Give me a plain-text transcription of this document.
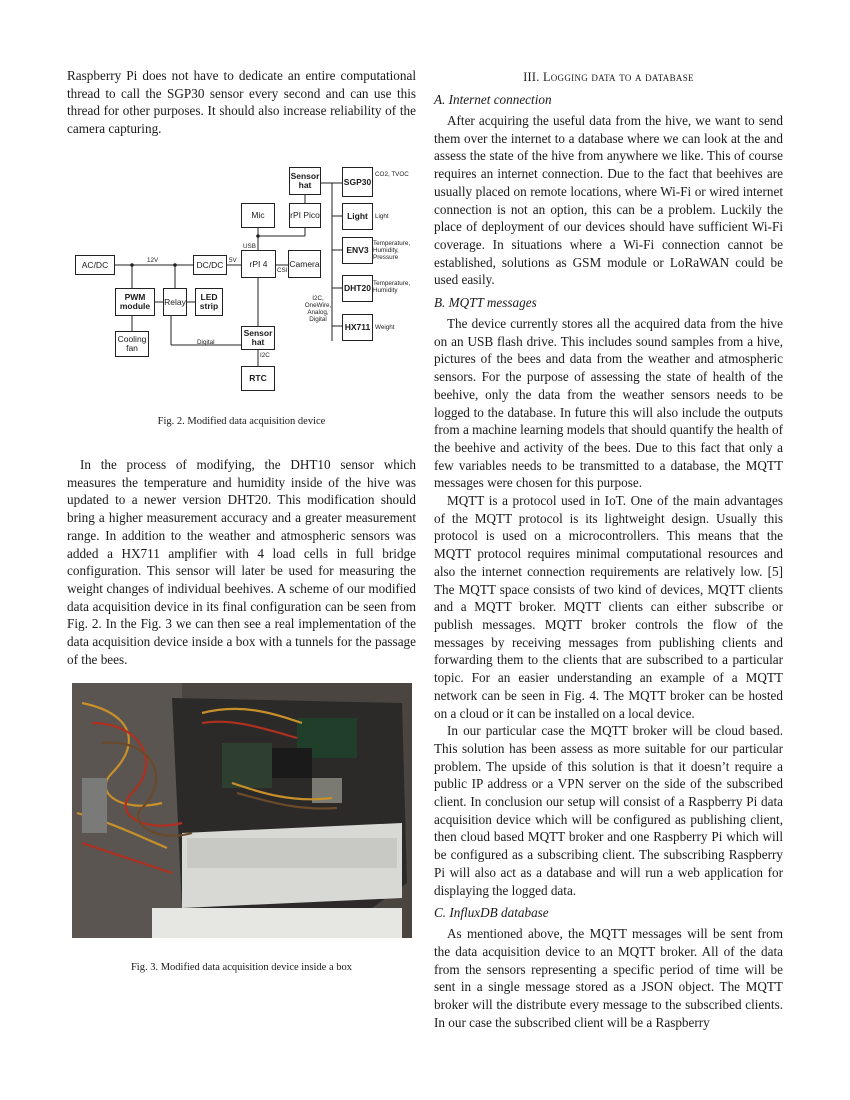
Raspberry Pi does not have to dedicate an entire computational thread to call the SGP30 sensor every second and can use this thread for other purposes. It should also increase reliability of the camera capturing.

AC/DC	DC/DC	rPI 4	Camera
Mic
Sensor hat
rPI Pico
PWM module	Relay	LED strip
Cooling fan
Sensor hat
RTC
SGP30
Light
ENV3
DHT20
HX711
12V	5V
USB
CSI
Digital
I2C
I2C, OneWire, Analog, Digital
CO2, TVOC
Light
Temperature, Humidity, Pressure
Temperature, Humidity
Weight

Fig. 2. Modified data acquisition device

In the process of modifying, the DHT10 sensor which measures the temperature and humidity inside of the hive was updated to a newer version DHT20. This modification should bring a higher measurement accuracy and a greater measurement range. In addition to the weather and atmospheric sensors was added a HX711 amplifier with 4 load cells in full bridge configuration. This sensor will later be used for measuring the weight changes of individual beehives. A scheme of our modified data acquisition device in its final configuration can be seen from Fig. 2. In the Fig. 3 we can then see a real implementation of the data acquisition device inside a box with a tunnels for the passage of the bees.

Fig. 3. Modified data acquisition device inside a box

III. Logging data to a database
A. Internet connection

After acquiring the useful data from the hive, we want to send them over the internet to a database where we can look at the and assess the state of the hive from anywhere we like. This of course requires an internet connection. Due to the fact that beehives are usually placed on remote locations, where Wi-Fi or wired internet connection is not an option, this can be a problem. Luckily the place of deployment of our devices should have sufficient Wi-Fi coverage. In situations where a Wi-Fi connection cannot be established, solutions as GSM module or LoRaWAN could be used easily.

B. MQTT messages

The device currently stores all the acquired data from the hive on an USB flash drive. This includes sound samples from a hive, pictures of the bees and data from the weather and atmospheric sensors. For the purpose of assessing the state of health of the beehive, only the data from the weather sensors needs to be logged to the database. In future this will also include the outputs from a machine learning models that should quantify the health of the beehive and activity of the bees. Due to this fact that only a few variables needs to be transmitted to a database, the MQTT messages were chosen for this purpose.

MQTT is a protocol used in IoT. One of the main advantages of the MQTT protocol is its lightweight design. Usually this protocol is used on a microcontrollers. This means that the MQTT protocol requires minimal computational resources and also the internet connection requirements are relatively low. [5] The MQTT space consists of two kind of devices, MQTT clients and a MQTT broker. MQTT clients can either subscribe or publish messages. MQTT broker controls the flow of the messages by receiving messages from publishing clients and forwarding them to the clients that are subscribed to a particular topic. For an easier understanding an example of a MQTT network can be seen in Fig. 4. The MQTT broker can be hosted on a cloud or it can be installed on a local device.

In our particular case the MQTT broker will be cloud based. This solution has been assess as more suitable for our particular problem. The upside of this solution is that it doesn’t require a public IP address or a VPN server on the side of the subscribed client. In conclusion our setup will consist of a Raspberry Pi data acquisition device which will be configured as publishing client, then cloud based MQTT broker and one Raspberry Pi which will be configured as a subscribing client. The subscribing Raspberry Pi will also act as a database and will run a web application for displaying the logged data.

C. InfluxDB database

As mentioned above, the MQTT messages will be sent from the data acquisition device to an MQTT broker. All of the data from the sensors representing a specific period of time will be sent in a single message stored as a JSON object. The MQTT broker will the distribute every message to the subscribed clients. In our case the subscribed client will be a Raspberry
